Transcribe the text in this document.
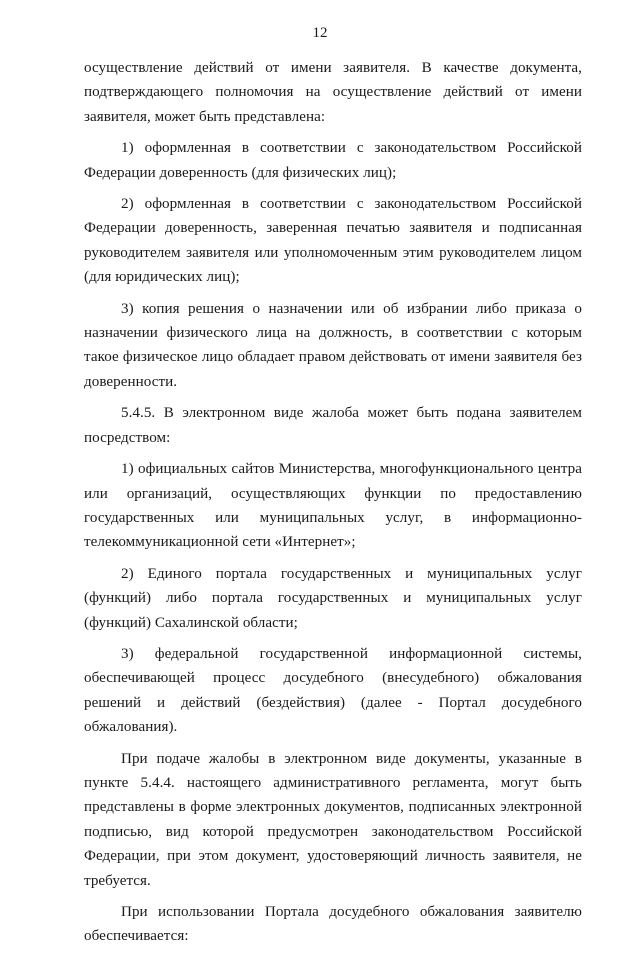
12

осуществление действий от имени заявителя. В качестве документа, подтверждающего полномочия на осуществление действий от имени заявителя, может быть представлена:

1) оформленная в соответствии с законодательством Российской Федерации доверенность (для физических лиц);

2) оформленная в соответствии с законодательством Российской Федерации доверенность, заверенная печатью заявителя и подписанная руководителем заявителя или уполномоченным этим руководителем лицом (для юридических лиц);

3) копия решения о назначении или об избрании либо приказа о назначении физического лица на должность, в соответствии с которым такое физическое лицо обладает правом действовать от имени заявителя без доверенности.

5.4.5. В электронном виде жалоба может быть подана заявителем посредством:

1) официальных сайтов Министерства, многофункционального центра или организаций, осуществляющих функции по предоставлению государственных или муниципальных услуг, в информационно-телекоммуникационной сети «Интернет»;

2) Единого портала государственных и муниципальных услуг (функций) либо портала государственных и муниципальных услуг (функций) Сахалинской области;

3) федеральной государственной информационной системы, обеспечивающей процесс досудебного (внесудебного) обжалования решений и действий (бездействия) (далее - Портал досудебного обжалования).

При подаче жалобы в электронном виде документы, указанные в пункте 5.4.4. настоящего административного регламента, могут быть представлены в форме электронных документов, подписанных электронной подписью, вид которой предусмотрен законодательством Российской Федерации, при этом документ, удостоверяющий личность заявителя, не требуется.

При использовании Портала досудебного обжалования заявителю обеспечивается:
